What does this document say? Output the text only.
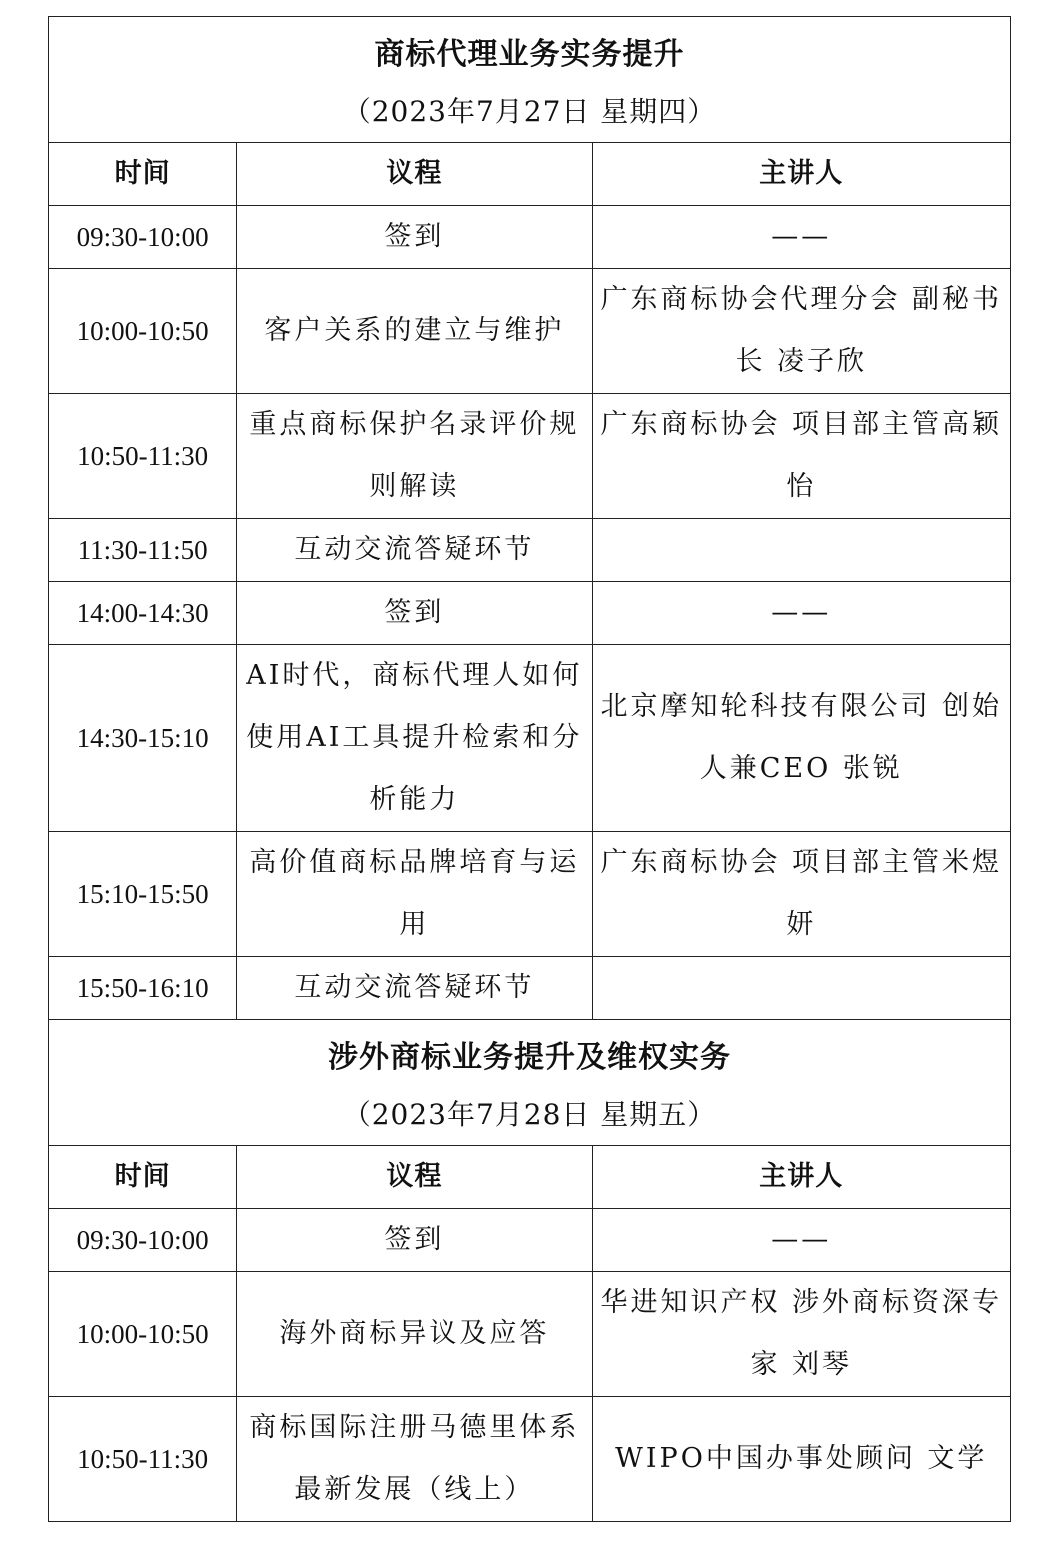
商标代理业务实务提升		
（2023年7月27日 星期四）		
时间	议程	主讲人
09:30-10:00	签到	——
10:00-10:50	客户关系的建立与维护	广东商标协会代理分会 副秘书长 凌子欣
10:50-11:30	重点商标保护名录评价规则解读	广东商标协会 项目部主管高颖怡
11:30-11:50	互动交流答疑环节	
14:00-14:30	签到	——
14:30-15:10	AI时代，商标代理人如何使用AI工具提升检索和分析能力	北京摩知轮科技有限公司 创始人兼CEO 张锐
15:10-15:50	高价值商标品牌培育与运用	广东商标协会 项目部主管米煜妍
15:50-16:10	互动交流答疑环节	
涉外商标业务提升及维权实务		
（2023年7月28日 星期五）		
时间	议程	主讲人
09:30-10:00	签到	——
10:00-10:50	海外商标异议及应答	华进知识产权 涉外商标资深专家 刘琴
10:50-11:30	商标国际注册马德里体系最新发展（线上）	WIPO中国办事处顾问 文学
